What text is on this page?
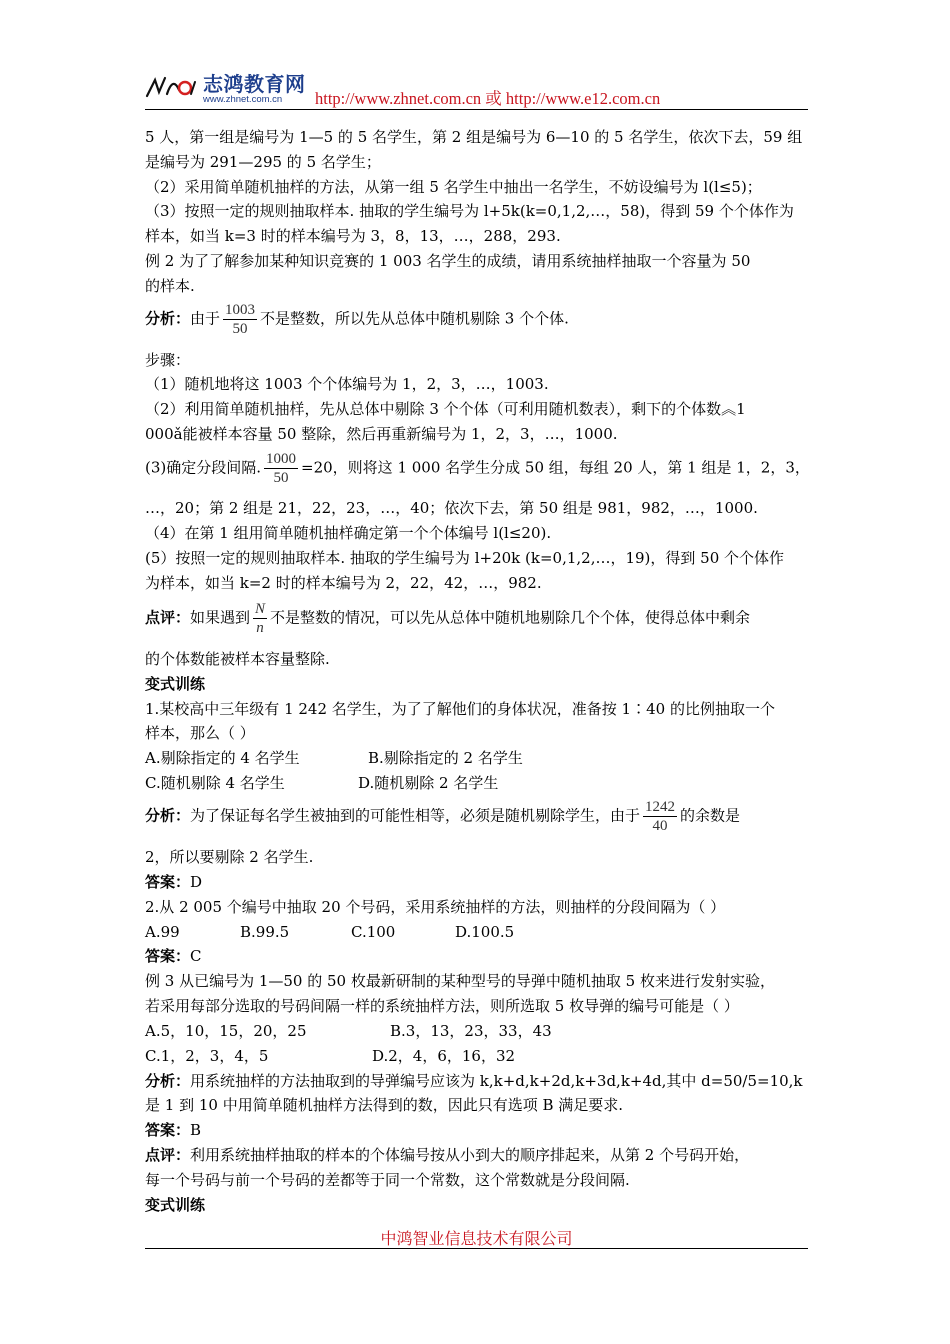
志鸿教育网
www.zhnet.com.cn http://www.zhnet.com.cn 或 http://www.e12.com.cn
5 人，第一组是编号为 1—5 的 5 名学生，第 2 组是编号为 6—10 的 5 名学生，依次下去，59 组
是编号为 291—295 的 5 名学生；
（2）采用简单随机抽样的方法，从第一组 5 名学生中抽出一名学生，不妨设编号为 l(l≤5)；
（3）按照一定的规则抽取样本. 抽取的学生编号为 l+5k(k=0,1,2,…，58)，得到 59 个个体作为
样本，如当 k=3 时的样本编号为 3，8，13，…，288，293.
例 2 为了了解参加某种知识竞赛的 1 003 名学生的成绩，请用系统抽样抽取一个容量为 50
的样本.
分析：由于 $\frac{1003}{50}$ 不是整数，所以先从总体中随机剔除 3 个个体.
步骤：
（1）随机地将这 1003 个个体编号为 1，2，3，…，1003.
（2）利用简单随机抽样，先从总体中剔除 3 个个体（可利用随机数表），剩下的个体数︽1
000ǎ能被样本容量 50 整除，然后再重新编号为 1，2，3，…，1000.
(3)确定分段间隔. $\frac{1000}{50} =20$，则将这 1 000 名学生分成 50 组，每组 20 人，第 1 组是 1，2，3，
…，20；第 2 组是 21，22，23，…，40；依次下去，第 50 组是 981，982，…，1000.
（4）在第 1 组用简单随机抽样确定第一个个体编号 l(l≤20).
(5）按照一定的规则抽取样本. 抽取的学生编号为 l+20k (k=0,1,2,…，19)，得到 50 个个体作
为样本，如当 k=2 时的样本编号为 2，22，42，…，982.
点评：如果遇到 $\frac{N}{n}$ 不是整数的情况，可以先从总体中随机地剔除几个个体，使得总体中剩余
的个体数能被样本容量整除.
变式训练
1.某校高中三年级有 1 242 名学生，为了了解他们的身体状况，准备按 1∶40 的比例抽取一个
样本，那么（ ）
A.剔除指定的 4 名学生	B.剔除指定的 2 名学生
C.随机剔除 4 名学生	D.随机剔除 2 名学生
分析：为了保证每名学生被抽到的可能性相等，必须是随机剔除学生，由于 $\frac{1242}{40}$ 的余数是
2，所以要剔除 2 名学生.
答案：D
2.从 2 005 个编号中抽取 20 个号码，采用系统抽样的方法，则抽样的分段间隔为（ ）
A.99	B.99.5	C.100	D.100.5
答案：C
例 3 从已编号为 1—50 的 50 枚最新研制的某种型号的导弹中随机抽取 5 枚来进行发射实验，
若采用每部分选取的号码间隔一样的系统抽样方法，则所选取 5 枚导弹的编号可能是（ ）
A.5，10，15，20，25	B.3，13，23，33，43
C.1，2，3，4，5	D.2，4，6，16，32
分析：用系统抽样的方法抽取到的导弹编号应该为 k,k+d,k+2d,k+3d,k+4d,其中 d=50/5=10,k
是 1 到 10 中用简单随机抽样方法得到的数，因此只有选项 B 满足要求.
答案：B
点评：利用系统抽样抽取的样本的个体编号按从小到大的顺序排起来，从第 2 个号码开始，
每一个号码与前一个号码的差都等于同一个常数，这个常数就是分段间隔.
变式训练
中鸿智业信息技术有限公司
